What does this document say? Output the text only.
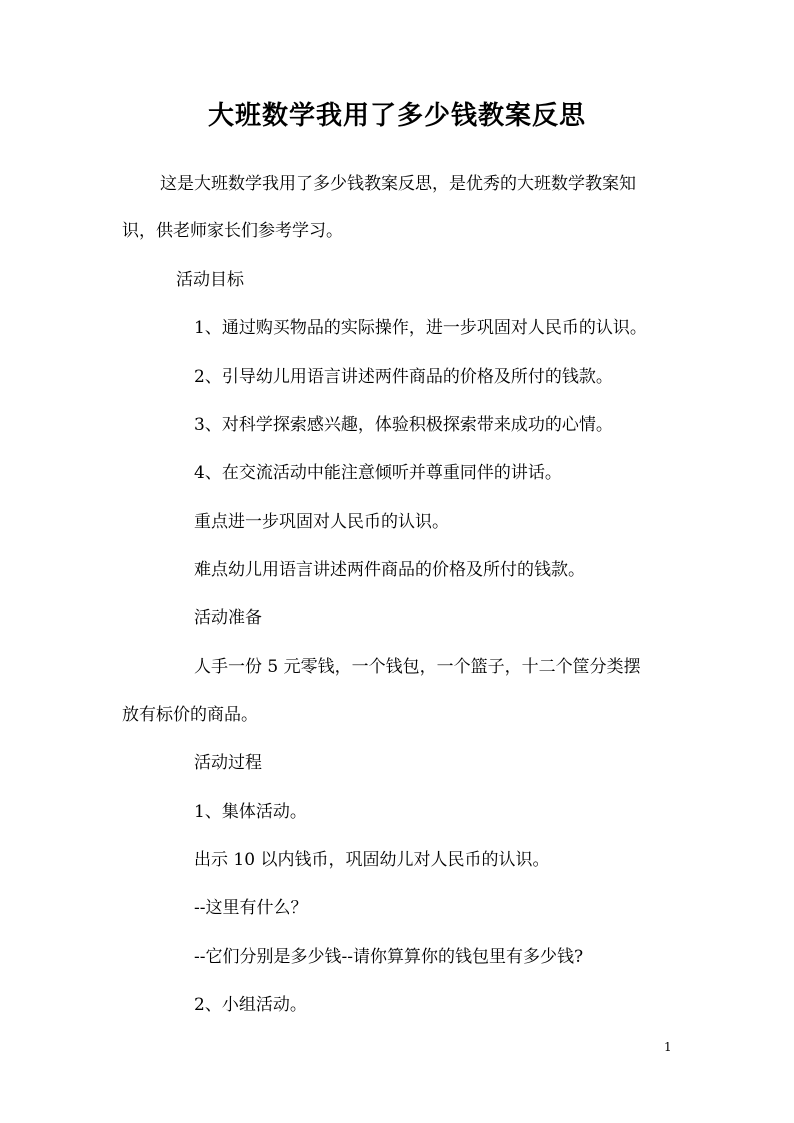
大班数学我用了多少钱教案反思
这是大班数学我用了多少钱教案反思，是优秀的大班数学教案知
识，供老师家长们参考学习。
活动目标
1、通过购买物品的实际操作，进一步巩固对人民币的认识。
2、引导幼儿用语言讲述两件商品的价格及所付的钱款。
3、对科学探索感兴趣，体验积极探索带来成功的心情。
4、在交流活动中能注意倾听并尊重同伴的讲话。
重点进一步巩固对人民币的认识。
难点幼儿用语言讲述两件商品的价格及所付的钱款。
活动准备
人手一份 5 元零钱，一个钱包，一个篮子，十二个筐分类摆
放有标价的商品。
活动过程
1、集体活动。
出示 10 以内钱币，巩固幼儿对人民币的认识。
--这里有什么？
--它们分别是多少钱--请你算算你的钱包里有多少钱?
2、小组活动。
1
